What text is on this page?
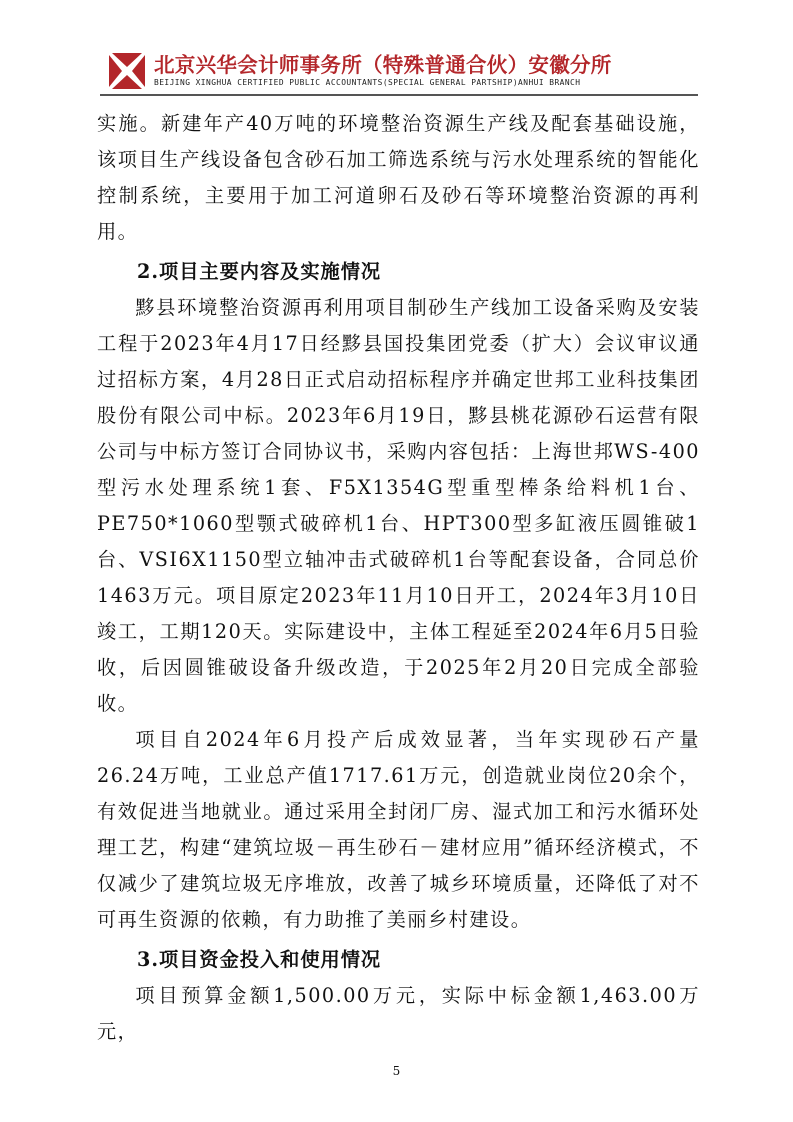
北京兴华会计师事务所（特殊普通合伙）安徽分所
BEIJING XINGHUA CERTIFIED PUBLIC ACCOUNTANTS(SPECIAL GENERAL PARTSHIP)ANHUI BRANCH

实施。新建年产40万吨的环境整治资源生产线及配套基础设施，该项目生产线设备包含砂石加工筛选系统与污水处理系统的智能化控制系统，主要用于加工河道卵石及砂石等环境整治资源的再利用。

2.项目主要内容及实施情况

黟县环境整治资源再利用项目制砂生产线加工设备采购及安装工程于2023年4月17日经黟县国投集团党委（扩大）会议审议通过招标方案，4月28日正式启动招标程序并确定世邦工业科技集团股份有限公司中标。2023年6月19日，黟县桃花源砂石运营有限公司与中标方签订合同协议书，采购内容包括：上海世邦WS-400型污水处理系统1套、F5X1354G型重型棒条给料机1台、PE750*1060型颚式破碎机1台、HPT300型多缸液压圆锥破1台、VSI6X1150型立轴冲击式破碎机1台等配套设备，合同总价1463万元。项目原定2023年11月10日开工，2024年3月10日竣工，工期120天。实际建设中，主体工程延至2024年6月5日验收，后因圆锥破设备升级改造，于2025年2月20日完成全部验收。

项目自2024年6月投产后成效显著，当年实现砂石产量26.24万吨，工业总产值1717.61万元，创造就业岗位20余个，有效促进当地就业。通过采用全封闭厂房、湿式加工和污水循环处理工艺，构建“建筑垃圾－再生砂石－建材应用”循环经济模式，不仅减少了建筑垃圾无序堆放，改善了城乡环境质量，还降低了对不可再生资源的依赖，有力助推了美丽乡村建设。

3.项目资金投入和使用情况

项目预算金额1,500.00万元，实际中标金额1,463.00万元，

5
